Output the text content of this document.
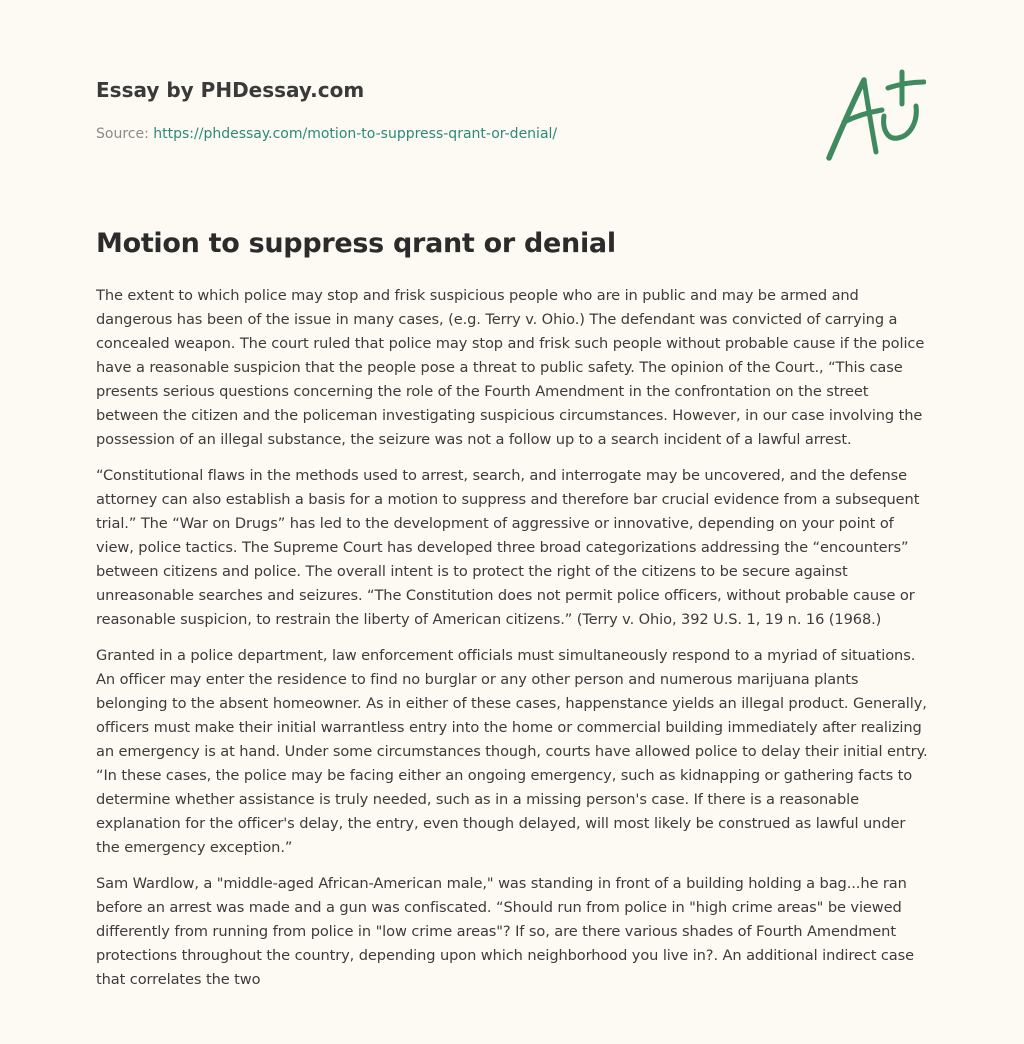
Essay by PHDessay.com
Source: https://phdessay.com/motion-to-suppress-qrant-or-denial/
Motion to suppress qrant or denial

The extent to which police may stop and frisk suspicious people who are in public and may be armed and dangerous has been of the issue in many cases, (e.g. Terry v. Ohio.) The defendant was convicted of carrying a concealed weapon. The court ruled that police may stop and frisk such people without probable cause if the police have a reasonable suspicion that the people pose a threat to public safety. The opinion of the Court., “This case presents serious questions concerning the role of the Fourth Amendment in the confrontation on the street between the citizen and the policeman investigating suspicious circumstances. However, in our case involving the possession of an illegal substance, the seizure was not a follow up to a search incident of a lawful arrest.

“Constitutional flaws in the methods used to arrest, search, and interrogate may be uncovered, and the defense attorney can also establish a basis for a motion to suppress and therefore bar crucial evidence from a subsequent trial.” The “War on Drugs” has led to the development of aggressive or innovative, depending on your point of view, police tactics. The Supreme Court has developed three broad categorizations addressing the “encounters” between citizens and police. The overall intent is to protect the right of the citizens to be secure against unreasonable searches and seizures. “The Constitution does not permit police officers, without probable cause or reasonable suspicion, to restrain the liberty of American citizens.” (Terry v. Ohio, 392 U.S. 1, 19 n. 16 (1968.)

Granted in a police department, law enforcement officials must simultaneously respond to a myriad of situations. An officer may enter the residence to find no burglar or any other person and numerous marijuana plants belonging to the absent homeowner. As in either of these cases, happenstance yields an illegal product. Generally, officers must make their initial warrantless entry into the home or commercial building immediately after realizing an emergency is at hand. Under some circumstances though, courts have allowed police to delay their initial entry. “In these cases, the police may be facing either an ongoing emergency, such as kidnapping or gathering facts to determine whether assistance is truly needed, such as in a missing person's case. If there is a reasonable explanation for the officer's delay, the entry, even though delayed, will most likely be construed as lawful under the emergency exception.”

Sam Wardlow, a "middle-aged African-American male," was standing in front of a building holding a bag...he ran before an arrest was made and a gun was confiscated. “Should run from police in "high crime areas" be viewed differently from running from police in "low crime areas"? If so, are there various shades of Fourth Amendment protections throughout the country, depending upon which neighborhood you live in?. An additional indirect case that correlates the two
